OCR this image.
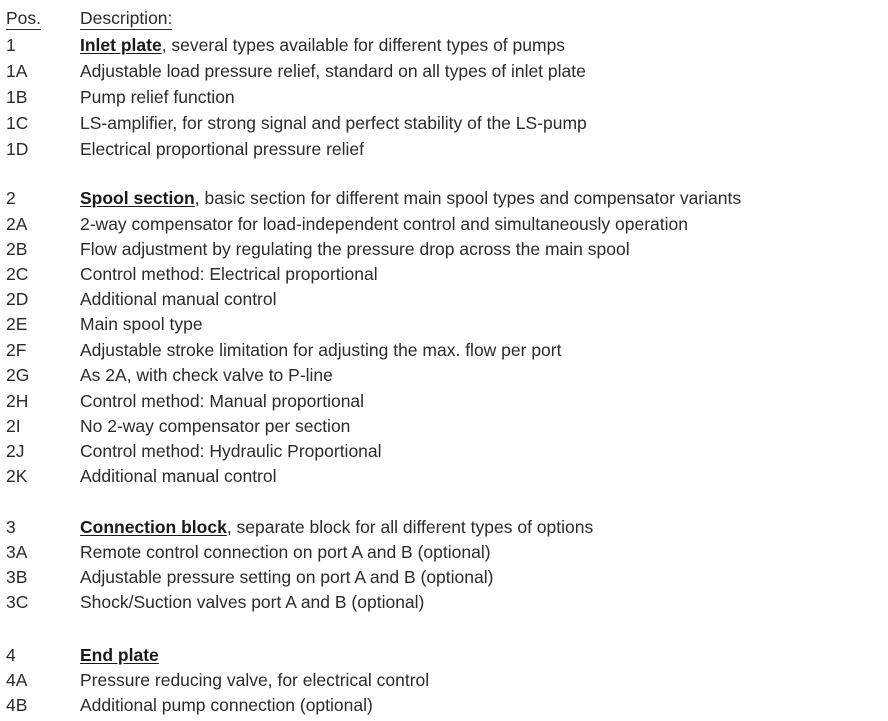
Pos. Description:
1	Inlet plate, several types available for different types of pumps
1A	Adjustable load pressure relief, standard on all types of inlet plate
1B	Pump relief function
1C	LS-amplifier, for strong signal and perfect stability of the LS-pump
1D	Electrical proportional pressure relief
2	Spool section, basic section for different main spool types and compensator variants
2A	2-way compensator for load-independent control and simultaneously operation
2B	Flow adjustment by regulating the pressure drop across the main spool
2C	Control method: Electrical proportional
2D	Additional manual control
2E	Main spool type
2F	Adjustable stroke limitation for adjusting the max. flow per port
2G	As 2A, with check valve to P-line
2H	Control method: Manual proportional
2I	No 2-way compensator per section
2J	Control method: Hydraulic Proportional
2K	Additional manual control
3	Connection block, separate block for all different types of options
3A	Remote control connection on port A and B (optional)
3B	Adjustable pressure setting on port A and B (optional)
3C	Shock/Suction valves port A and B (optional)
4	End plate
4A	Pressure reducing valve, for electrical control
4B	Additional pump connection (optional)
